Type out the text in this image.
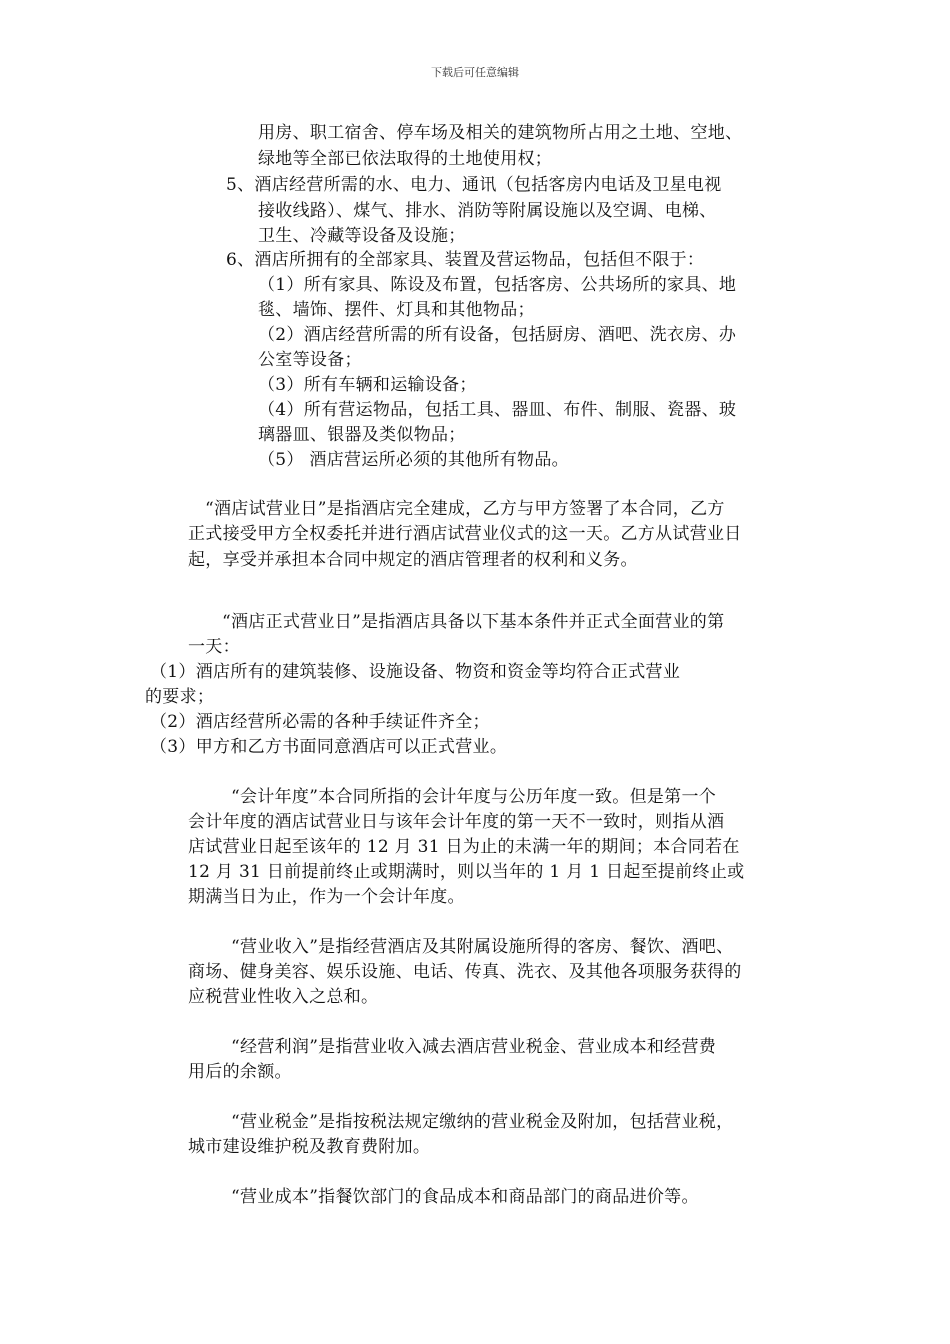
下载后可任意编辑
用房、职工宿舍、停车场及相关的建筑物所占用之土地、空地、
绿地等全部已依法取得的土地使用权；
5、酒店经营所需的水、电力、通讯（包括客房内电话及卫星电视
接收线路）、煤气、排水、消防等附属设施以及空调、电梯、
卫生、冷藏等设备及设施；
6、酒店所拥有的全部家具、装置及营运物品，包括但不限于：
（1）所有家具、陈设及布置，包括客房、公共场所的家具、地
毯、墙饰、摆件、灯具和其他物品；
（2）酒店经营所需的所有设备，包括厨房、酒吧、洗衣房、办
公室等设备；
（3）所有车辆和运输设备；
（4）所有营运物品，包括工具、器皿、布件、制服、瓷器、玻
璃器皿、银器及类似物品；
（5） 酒店营运所必须的其他所有物品。
“酒店试营业日”是指酒店完全建成，乙方与甲方签署了本合同，乙方
正式接受甲方全权委托并进行酒店试营业仪式的这一天。乙方从试营业日
起，享受并承担本合同中规定的酒店管理者的权利和义务。
“酒店正式营业日”是指酒店具备以下基本条件并正式全面营业的第
一天：
（1）酒店所有的建筑装修、设施设备、物资和资金等均符合正式营业
的要求；
（2）酒店经营所必需的各种手续证件齐全；
（3）甲方和乙方书面同意酒店可以正式营业。
“会计年度”本合同所指的会计年度与公历年度一致。但是第一个
会计年度的酒店试营业日与该年会计年度的第一天不一致时，则指从酒
店试营业日起至该年的 12 月 31 日为止的未满一年的期间；本合同若在
12 月 31 日前提前终止或期满时，则以当年的 1 月 1 日起至提前终止或
期满当日为止，作为一个会计年度。
“营业收入”是指经营酒店及其附属设施所得的客房、餐饮、酒吧、
商场、健身美容、娱乐设施、电话、传真、洗衣、及其他各项服务获得的
应税营业性收入之总和。
“经营利润”是指营业收入减去酒店营业税金、营业成本和经营费
用后的余额。
“营业税金”是指按税法规定缴纳的营业税金及附加，包括营业税，
城市建设维护税及教育费附加。
“营业成本”指餐饮部门的食品成本和商品部门的商品进价等。
